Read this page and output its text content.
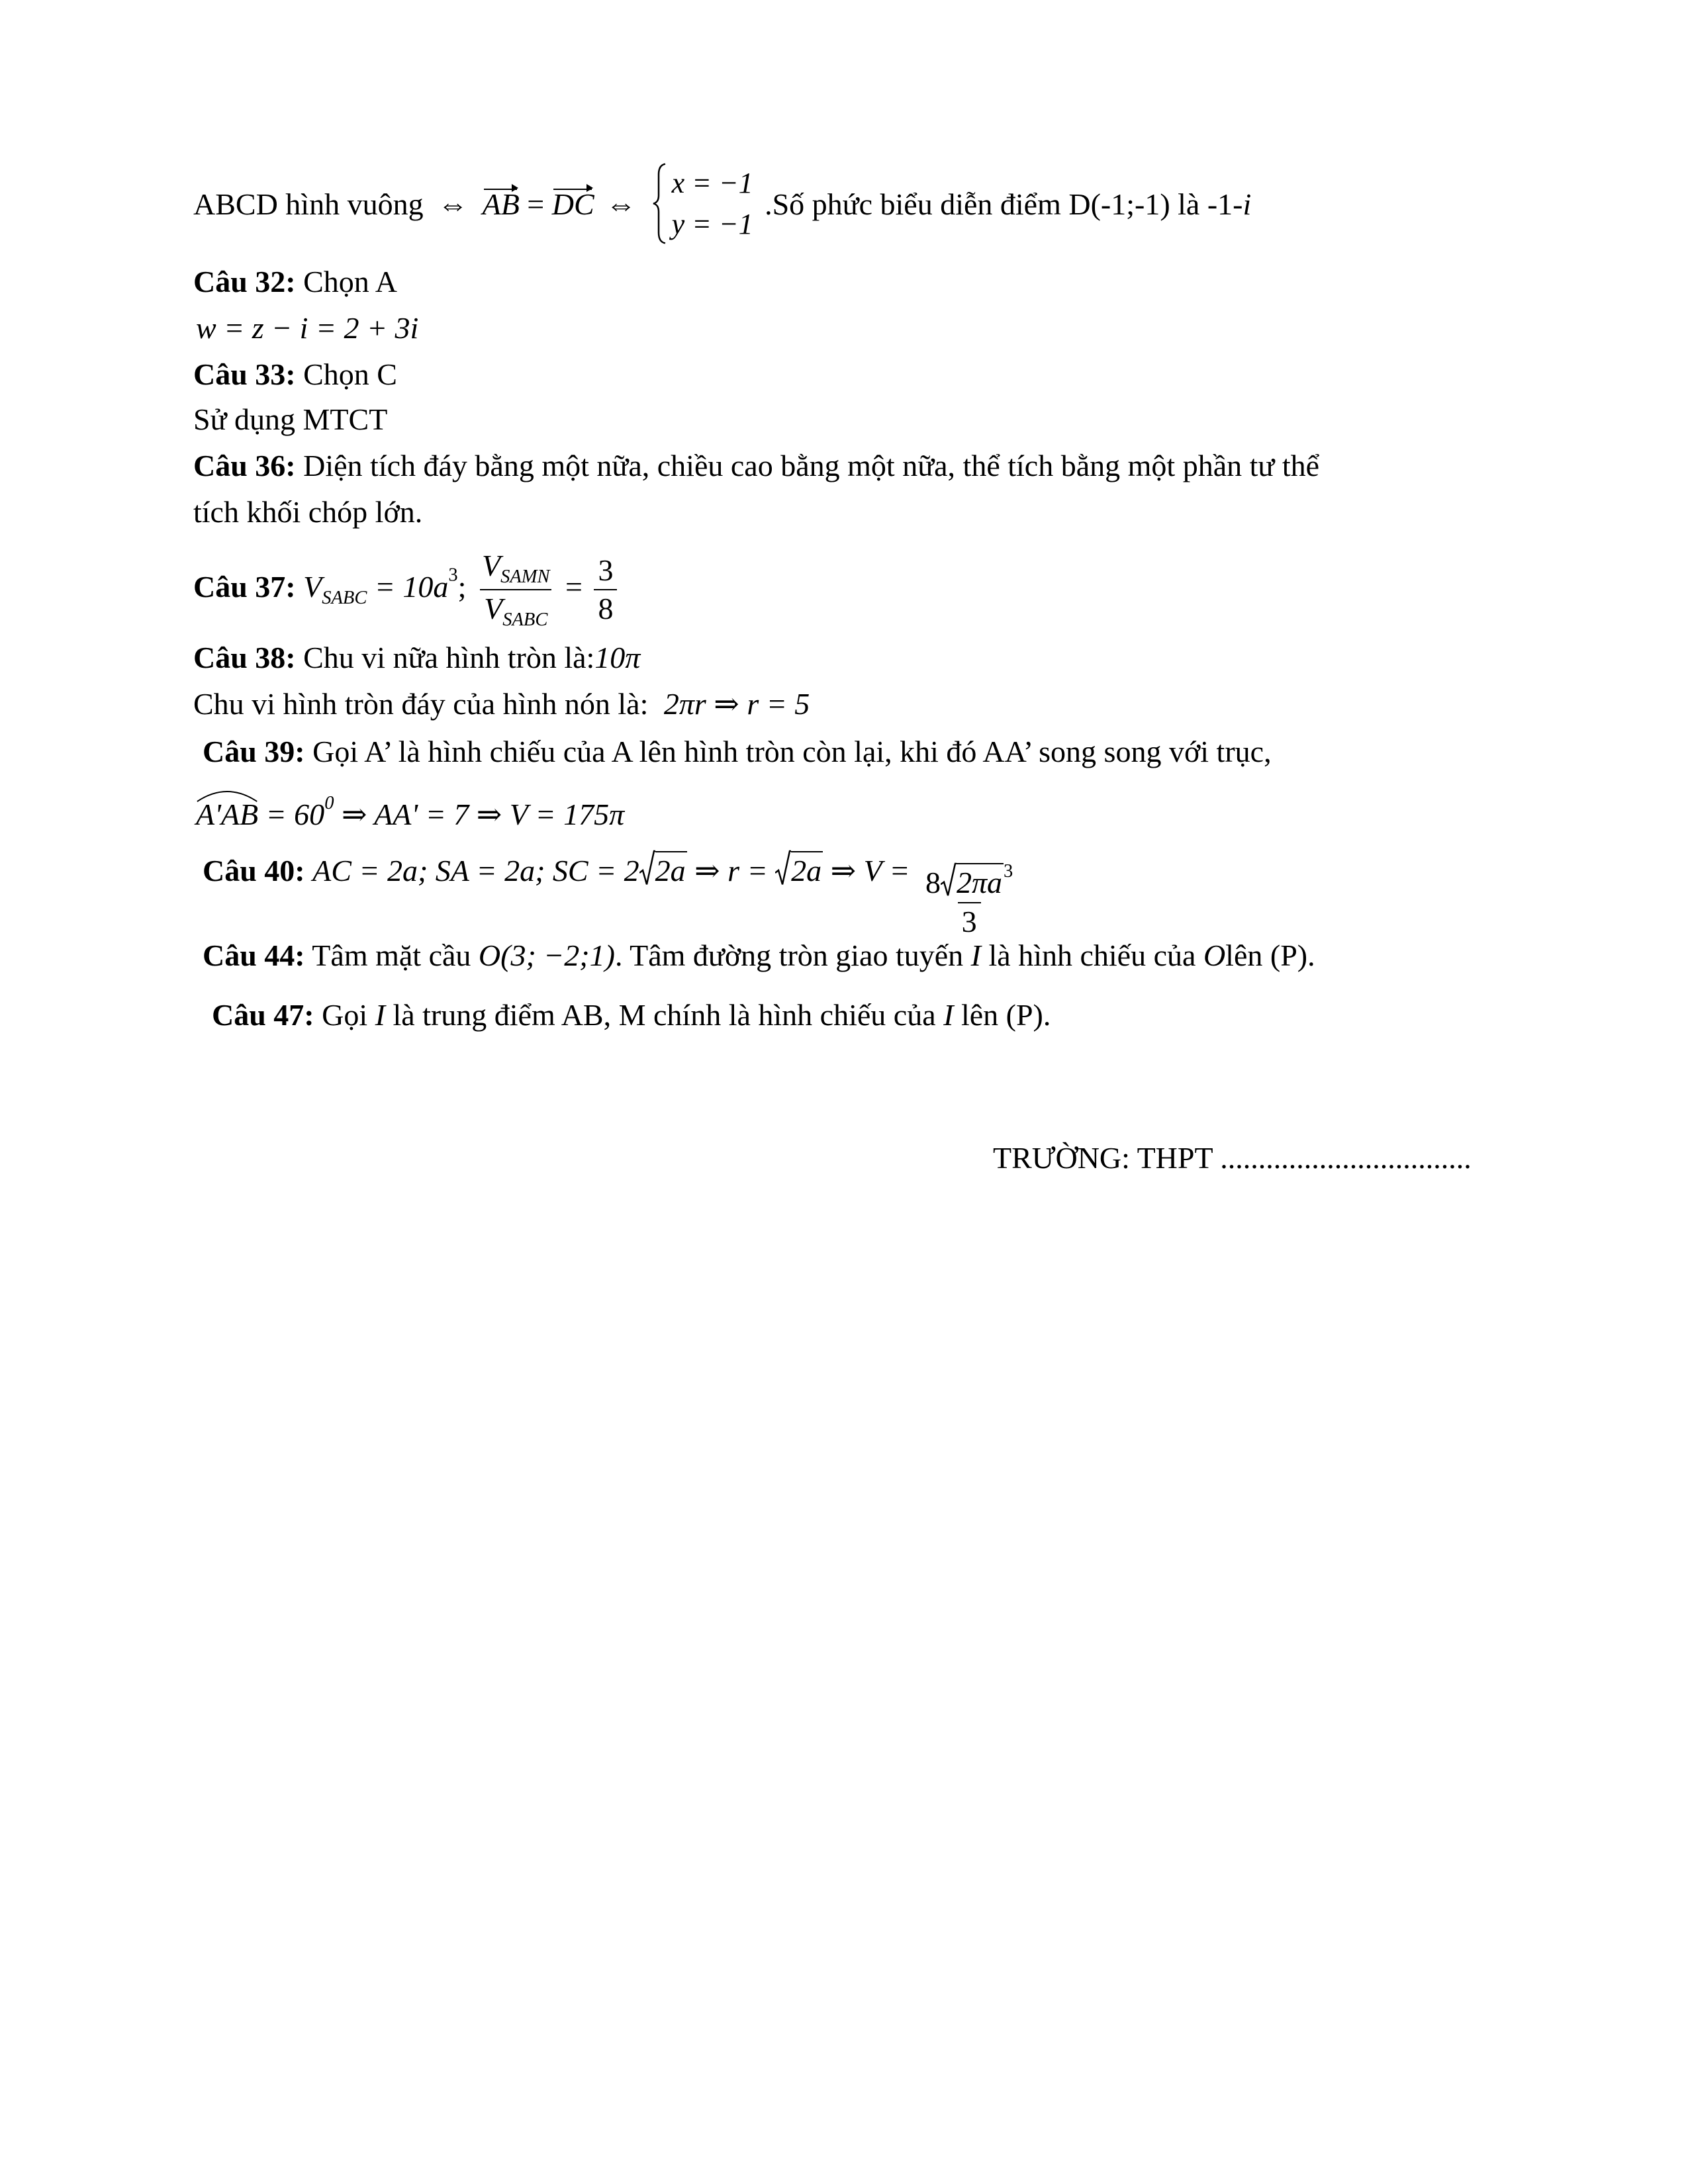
ABCD hình vuông ⇔ AB = DC ⇔
x = −1
y = −1
.Số phức biểu diễn điểm D(-1;-1) là -1-i
Câu 32: Chọn A
w = z − i = 2 + 3i
Câu 33: Chọn C
Sử dụng MTCT
Câu 36: Diện tích đáy bằng một nữa, chiều cao bằng một nữa, thể tích bằng một phần tư thể
tích khối chóp lớn.
Câu 37: $V_{SABC} = 10a^3$; $\frac{V_{SAMN}}{V_{SABC}} = \frac{3}{8}$
Câu 38: Chu vi nữa hình tròn là:10π
Chu vi hình tròn đáy của hình nón là: 2πr ⇒ r = 5
Câu 39: Gọi A’ là hình chiếu của A lên hình tròn còn lại, khi đó AA’ song song với trục,
$A'AB = 60^0$ ⇒ AA' = 7 ⇒ V = 175π
Câu 40: AC = 2a; SA = 2a; SC = 2 2a ⇒ r = 2a ⇒ $V = \frac{8 2\pi a^3}{3}$
Câu 44: Tâm mặt cầu O(3; −2;1). Tâm đường tròn giao tuyến I là hình chiếu của Olên (P).
Câu 47: Gọi I là trung điểm AB, M chính là hình chiếu của I lên (P).
TRƯỜNG: THPT .................................
